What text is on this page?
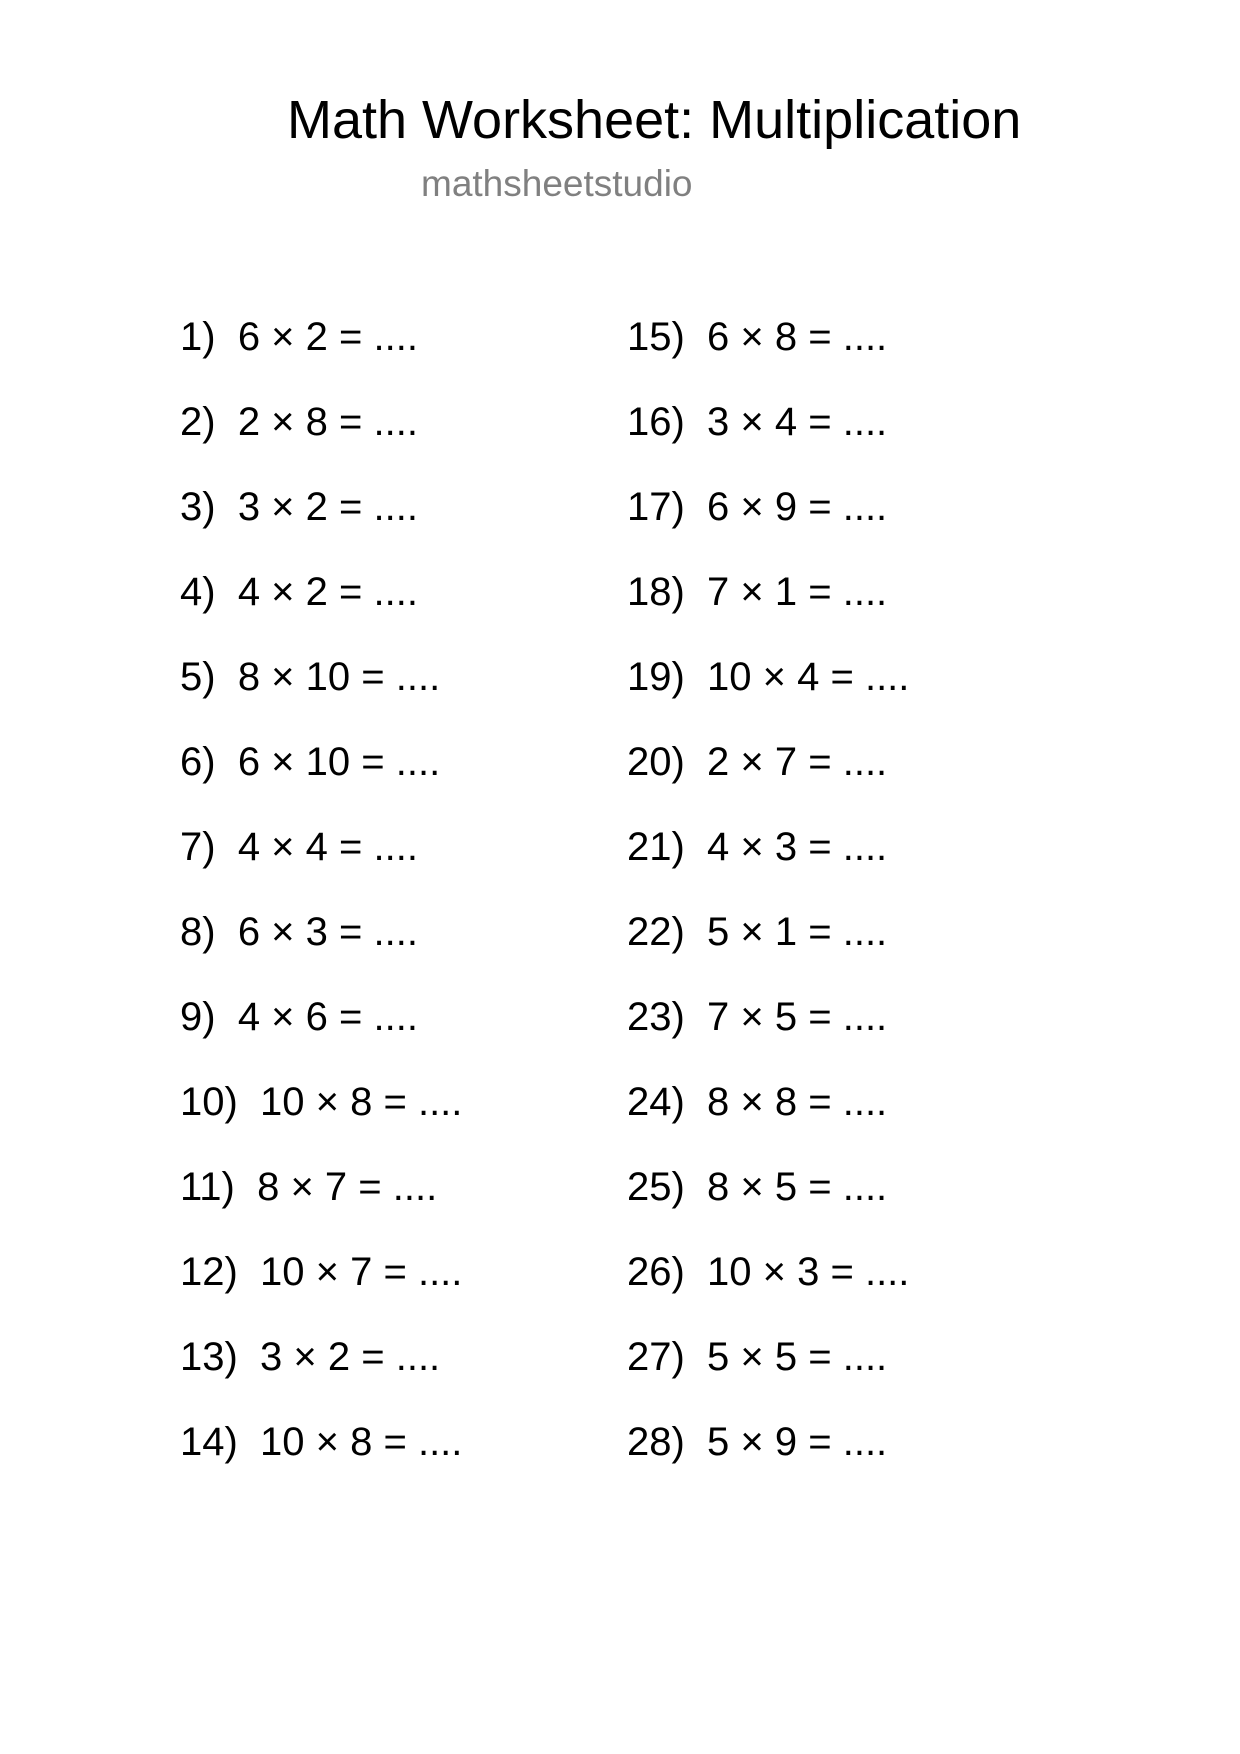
Math Worksheet: Multiplication
mathsheetstudio
1) 6 × 2 = ....
2) 2 × 8 = ....
3) 3 × 2 = ....
4) 4 × 2 = ....
5) 8 × 10 = ....
6) 6 × 10 = ....
7) 4 × 4 = ....
8) 6 × 3 = ....
9) 4 × 6 = ....
10) 10 × 8 = ....
11) 8 × 7 = ....
12) 10 × 7 = ....
13) 3 × 2 = ....
14) 10 × 8 = ....
15) 6 × 8 = ....
16) 3 × 4 = ....
17) 6 × 9 = ....
18) 7 × 1 = ....
19) 10 × 4 = ....
20) 2 × 7 = ....
21) 4 × 3 = ....
22) 5 × 1 = ....
23) 7 × 5 = ....
24) 8 × 8 = ....
25) 8 × 5 = ....
26) 10 × 3 = ....
27) 5 × 5 = ....
28) 5 × 9 = ....
